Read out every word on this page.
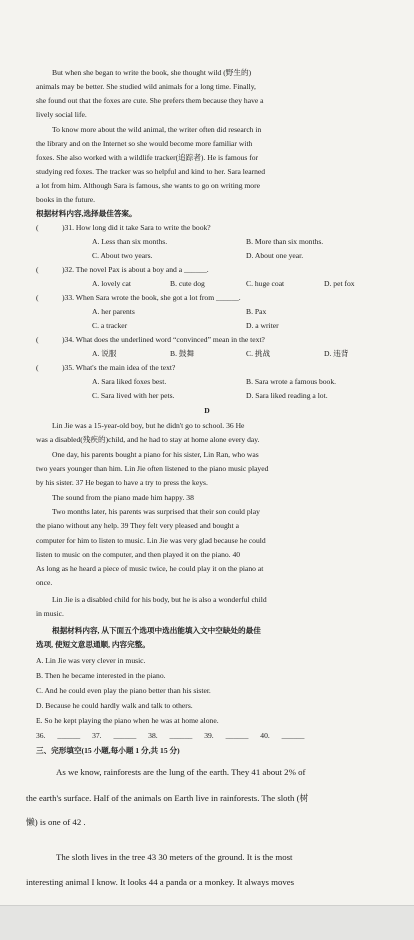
But when she began to write the book, she thought wild (野生的)
animals may be better. She studied wild animals for a long time. Finally,
she found out that the foxes are cute. She prefers them because they have a
lively social life.
To know more about the wild animal, the writer often did research in
the library and on the Internet so she would become more familiar with
foxes. She also worked with a wildlife tracker(追踪者). He is famous for
studying red foxes. The tracker was so helpful and kind to her. Sara learned
a lot from him. Although Sara is famous, she wants to go on writing more
books in the future.
根据材料内容,选择最佳答案。
(	)31. How long did it take Sara to write the book?
A. Less than six months.	B. More than six months.
C. About two years.	D. About one year.
(	)32. The novel Pax is about a boy and a ______.
A. lovely cat	B. cute dog	C. huge coat	D. pet fox
(	)33. When Sara wrote the book, she got a lot from ______.
A. her parents	B. Pax
C. a tracker	D. a writer
(	)34. What does the underlined word “convinced” mean in the text?
A. 说服	B. 鼓舞	C. 挑战	D. 违背
(	)35. What's the main idea of the text?
A. Sara liked foxes best.	B. Sara wrote a famous book.
C. Sara lived with her pets.	D. Sara liked reading a lot.
D
Lin Jie was a 15-year-old boy, but he didn't go to school. 36 He
was a disabled(残疾的)child, and he had to stay at home alone every day.
One day, his parents bought a piano for his sister, Lin Ran, who was
two years younger than him. Lin Jie often listened to the piano music played
by his sister. 37 He began to have a try to press the keys.
The sound from the piano made him happy. 38
Two months later, his parents was surprised that their son could play
the piano without any help. 39 They felt very pleased and bought a
computer for him to listen to music. Lin Jie was very glad because he could
listen to music on the computer, and then played it on the piano. 40
As long as he heard a piece of music twice, he could play it on the piano at
once.
Lin Jie is a disabled child for his body, but he is also a wonderful child
in music.
根据材料内容, 从下面五个选项中选出能填入文中空缺处的最佳
选项, 使短文意思通顺, 内容完整。
A. Lin Jie was very clever in music.
B. Then he became interested in the piano.
C. And he could even play the piano better than his sister.
D. Because he could hardly walk and talk to others.
E. So he kept playing the piano when he was at home alone.
36. ______ 37. ______ 38. ______ 39. ______ 40. ______
三、完形填空(15 小题,每小题 1 分,共 15 分)
As we know, rainforests are the lung of the earth. They 41 about 2% of
the earth's surface. Half of the animals on Earth live in rainforests. The sloth (树
懒) is one of 42 .
The sloth lives in the tree 43 30 meters of the ground. It is the most
interesting animal I know. It looks 44 a panda or a monkey. It always moves
